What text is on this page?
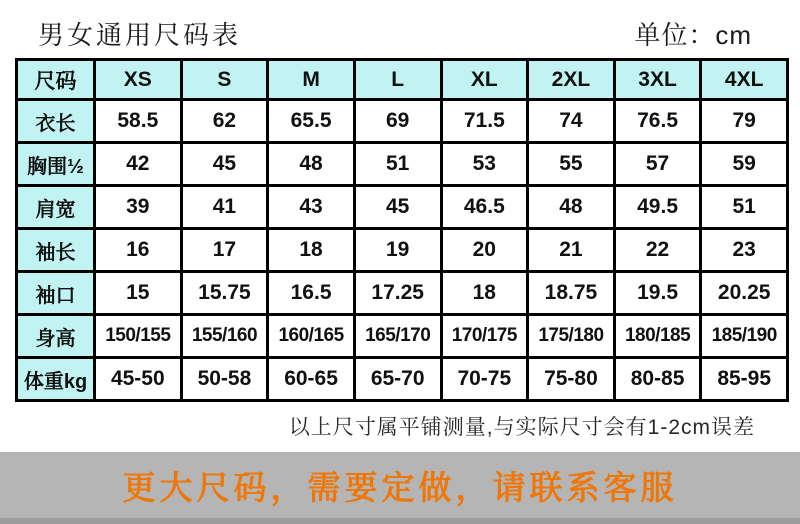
男女通用尺码表	单位：cm
尺码	XS	S	M	L	XL	2XL	3XL	4XL
衣长	58.5	62	65.5	69	71.5	74	76.5	79
胸围½	42	45	48	51	53	55	57	59
肩宽	39	41	43	45	46.5	48	49.5	51
袖长	16	17	18	19	20	21	22	23
袖口	15	15.75	16.5	17.25	18	18.75	19.5	20.25
身高	150/155	155/160	160/165	165/170	170/175	175/180	180/185	185/190
体重kg	45-50	50-58	60-65	65-70	70-75	75-80	80-85	85-95
以上尺寸属平铺测量,与实际尺寸会有1-2cm误差
更大尺码，需要定做，请联系客服
